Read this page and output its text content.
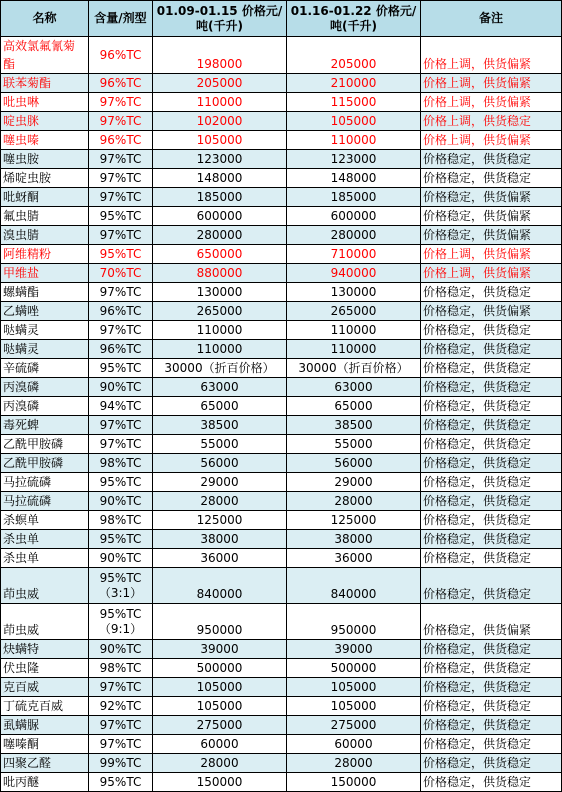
名称	含量/剂型	01.09-01.15 价格元/吨(千升)	01.16-01.22 价格元/吨(千升)	备注
高效氯氟氰菊酯	96%TC	198000	205000	价格上调，供货偏紧
联苯菊酯	96%TC	205000	210000	价格上调，供货偏紧
吡虫啉	97%TC	110000	115000	价格上调，供货偏紧
啶虫脒	97%TC	102000	105000	价格上调，供货稳定
噻虫嗪	96%TC	105000	110000	价格上调，供货偏紧
噻虫胺	97%TC	123000	123000	价格稳定，供货稳定
烯啶虫胺	97%TC	148000	148000	价格稳定，供货稳定
吡蚜酮	97%TC	185000	185000	价格稳定，供货偏紧
氟虫腈	95%TC	600000	600000	价格稳定，供货偏紧
溴虫腈	97%TC	280000	280000	价格稳定，供货偏紧
阿维精粉	95%TC	650000	710000	价格上调，供货偏紧
甲维盐	70%TC	880000	940000	价格上调，供货偏紧
螺螨酯	97%TC	130000	130000	价格稳定，供货稳定
乙螨唑	96%TC	265000	265000	价格稳定，供货偏紧
哒螨灵	97%TC	110000	110000	价格稳定，供货稳定
哒螨灵	96%TC	110000	110000	价格稳定，供货稳定
辛硫磷	95%TC	30000（折百价格）	30000（折百价格）	价格稳定，供货稳定
丙溴磷	90%TC	63000	63000	价格稳定，供货稳定
丙溴磷	94%TC	65000	65000	价格稳定，供货稳定
毒死蜱	97%TC	38500	38500	价格稳定，供货稳定
乙酰甲胺磷	97%TC	55000	55000	价格稳定，供货稳定
乙酰甲胺磷	98%TC	56000	56000	价格稳定，供货稳定
马拉硫磷	95%TC	29000	29000	价格稳定，供货稳定
马拉硫磷	90%TC	28000	28000	价格稳定，供货稳定
杀螟单	98%TC	125000	125000	价格稳定，供货稳定
杀虫单	95%TC	38000	38000	价格稳定，供货稳定
杀虫单	90%TC	36000	36000	价格稳定，供货稳定
茚虫威	95%TC（3:1）	840000	840000	价格稳定，供货稳定
茚虫威	95%TC（9:1）	950000	950000	价格稳定，供货偏紧
炔螨特	90%TC	39000	39000	价格稳定，供货稳定
伏虫隆	98%TC	500000	500000	价格稳定，供货稳定
克百威	97%TC	105000	105000	价格稳定，供货稳定
丁硫克百威	92%TC	105000	105000	价格稳定，供货稳定
虱螨脲	97%TC	275000	275000	价格稳定，供货稳定
噻嗪酮	97%TC	60000	60000	价格稳定，供货稳定
四聚乙醛	99%TC	28000	28000	价格稳定，供货稳定
吡丙醚	95%TC	150000	150000	价格稳定，供货稳定
